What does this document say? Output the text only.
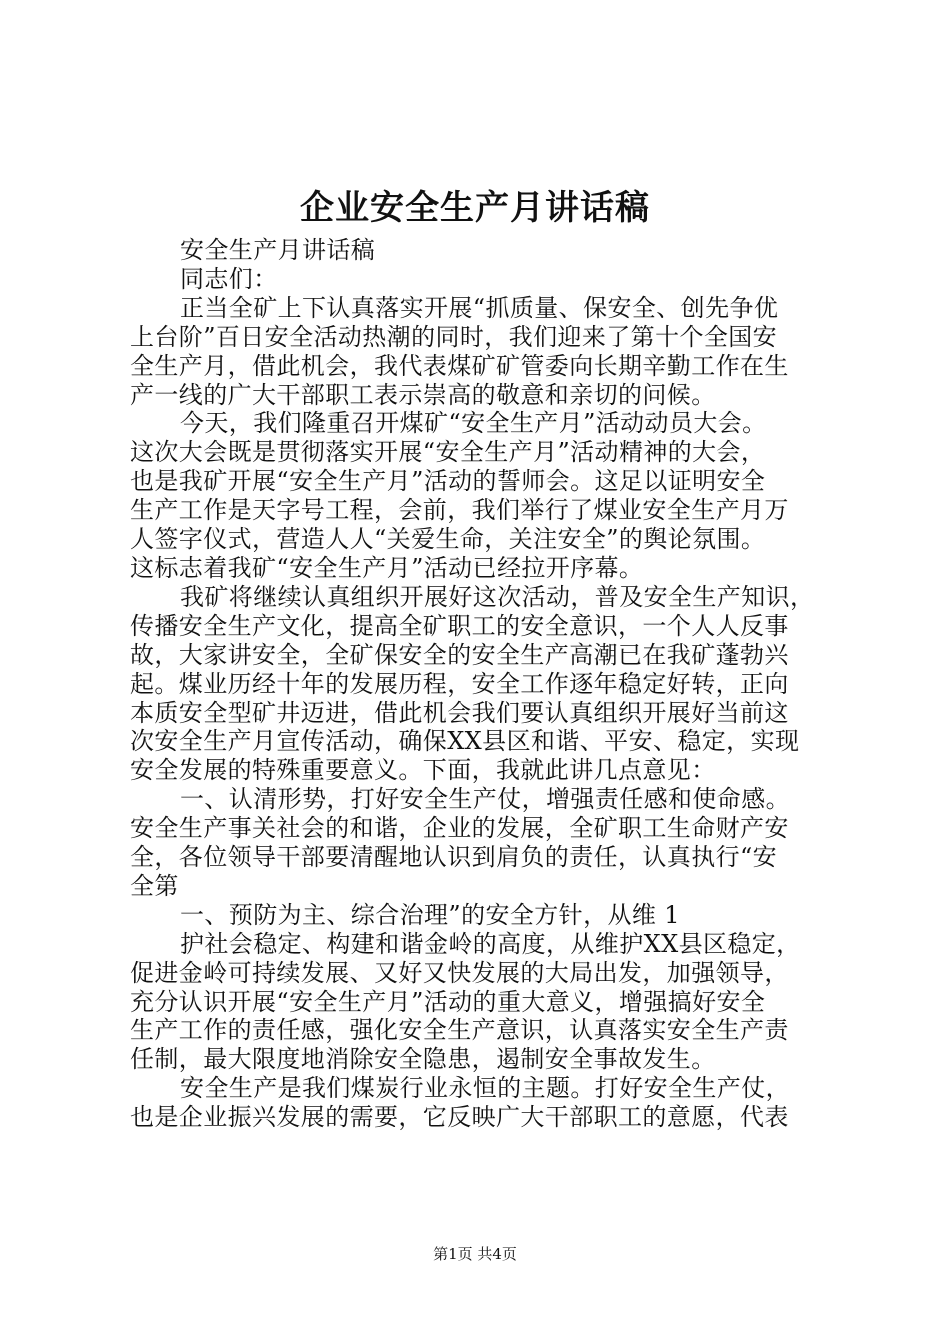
企业安全生产月讲话稿
安全生产月讲话稿
同志们：
正当全矿上下认真落实开展“抓质量、保安全、创先争优
上台阶”百日安全活动热潮的同时，我们迎来了第十个全国安
全生产月，借此机会，我代表煤矿矿管委向长期辛勤工作在生
产一线的广大干部职工表示崇高的敬意和亲切的问候。
今天，我们隆重召开煤矿“安全生产月”活动动员大会。
这次大会既是贯彻落实开展“安全生产月”活动精神的大会，
也是我矿开展“安全生产月”活动的誓师会。这足以证明安全
生产工作是天字号工程，会前，我们举行了煤业安全生产月万
人签字仪式，营造人人“关爱生命，关注安全”的舆论氛围。
这标志着我矿“安全生产月”活动已经拉开序幕。
我矿将继续认真组织开展好这次活动，普及安全生产知识，
传播安全生产文化，提高全矿职工的安全意识，一个人人反事
故，大家讲安全，全矿保安全的安全生产高潮已在我矿蓬勃兴
起。煤业历经十年的发展历程，安全工作逐年稳定好转，正向
本质安全型矿井迈进，借此机会我们要认真组织开展好当前这
次安全生产月宣传活动，确保XX县区和谐、平安、稳定，实现
安全发展的特殊重要意义。下面，我就此讲几点意见：
一、认清形势，打好安全生产仗，增强责任感和使命感。
安全生产事关社会的和谐，企业的发展，全矿职工生命财产安
全，各位领导干部要清醒地认识到肩负的责任，认真执行“安
全第
一、预防为主、综合治理”的安全方针，从维 1
护社会稳定、构建和谐金岭的高度，从维护XX县区稳定，
促进金岭可持续发展、又好又快发展的大局出发，加强领导，
充分认识开展“安全生产月”活动的重大意义，增强搞好安全
生产工作的责任感，强化安全生产意识，认真落实安全生产责
任制，最大限度地消除安全隐患，遏制安全事故发生。
安全生产是我们煤炭行业永恒的主题。打好安全生产仗，
也是企业振兴发展的需要，它反映广大干部职工的意愿，代表
第1页 共4页
